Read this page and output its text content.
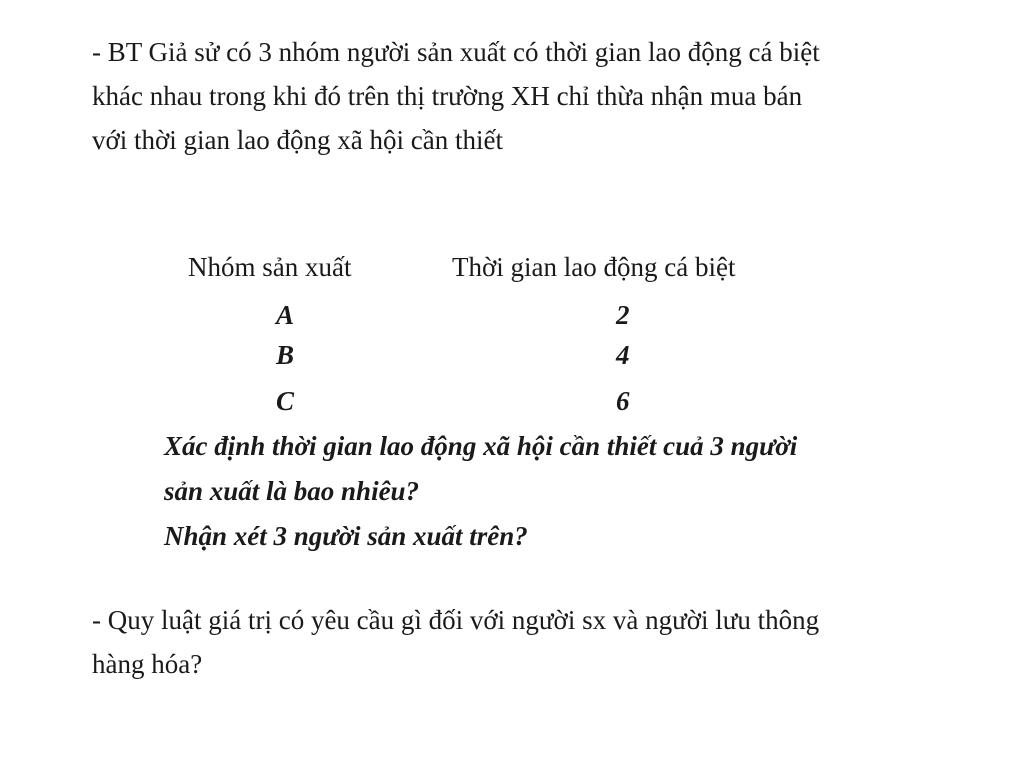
- BT Giả sử có 3 nhóm người sản xuất có thời gian lao động cá biệt
khác nhau trong khi đó trên thị trường XH chỉ thừa nhận mua bán
với thời gian lao động xã hội cần thiết

Nhóm sản xuất	Thời gian lao động cá biệt
A	2
B	4
C	6
Xác định thời gian lao động xã hội cần thiết cuả 3 người
sản xuất là bao nhiêu?
Nhận xét 3 người sản xuất trên?

- Quy luật giá trị có yêu cầu gì đối với người sx và người lưu thông
hàng hóa?
